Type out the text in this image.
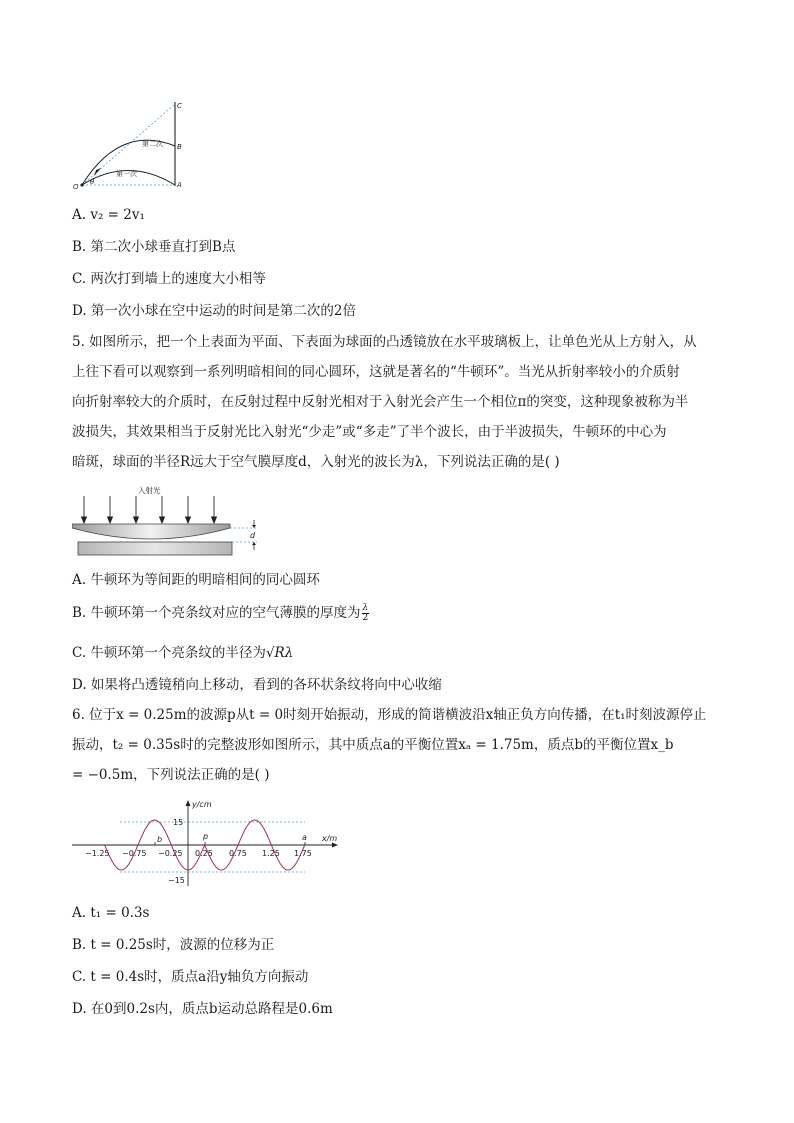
O
θ	A
B
C
第二次
第一次
A. v₂ = 2v₁
B. 第二次小球垂直打到B点
C. 两次打到墙上的速度大小相等
D. 第一次小球在空中运动的时间是第二次的2倍
5. 如图所示，把一个上表面为平面、下表面为球面的凸透镜放在水平玻璃板上，让单色光从上方射入，从
上往下看可以观察到一系列明暗相间的同心圆环，这就是著名的“牛顿环”。当光从折射率较小的介质射
向折射率较大的介质时，在反射过程中反射光相对于入射光会产生一个相位π的突变，这种现象被称为半
波损失，其效果相当于反射光比入射光“少走”或“多走”了半个波长，由于半波损失，牛顿环的中心为
暗斑，球面的半径R远大于空气膜厚度d，入射光的波长为λ，下列说法正确的是( )
入射光
d
A. 牛顿环为等间距的明暗相间的同心圆环
B. 牛顿环第一个亮条纹对应的空气薄膜的厚度为 $\frac{\lambda}{2}$
C. 牛顿环第一个亮条纹的半径为√Rλ
D. 如果将凸透镜稍向上移动，看到的各环状条纹将向中心收缩
6. 位于x = 0.25m的波源p从t = 0时刻开始振动，形成的简谐横波沿x轴正负方向传播，在t₁时刻波源停止
振动，t₂ = 0.35s时的完整波形如图所示，其中质点a的平衡位置xₐ = 1.75m，质点b的平衡位置x_b
= −0.5m，下列说法正确的是( )
y/cm
x/m
15
−15
−1.25 −0.75 −0.25 0.25 0.75 1.25 1.75
b	p	a
A. t₁ = 0.3s
B. t = 0.25s时，波源的位移为正
C. t = 0.4s时，质点a沿y轴负方向振动
D. 在0到0.2s内，质点b运动总路程是0.6m
